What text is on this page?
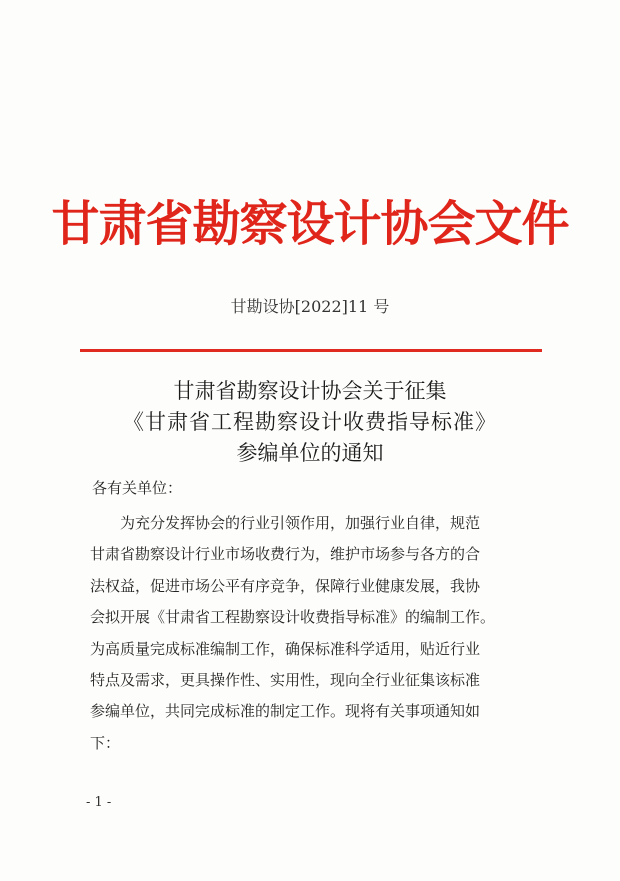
甘肃省勘察设计协会文件
甘勘设协[2022]11 号
甘肃省勘察设计协会关于征集
《甘肃省工程勘察设计收费指导标准》
参编单位的通知
各有关单位：
为充分发挥协会的行业引领作用，加强行业自律，规范
甘肃省勘察设计行业市场收费行为，维护市场参与各方的合
法权益，促进市场公平有序竞争，保障行业健康发展，我协
会拟开展《甘肃省工程勘察设计收费指导标准》的编制工作。
为高质量完成标准编制工作，确保标准科学适用，贴近行业
特点及需求，更具操作性、实用性，现向全行业征集该标准
参编单位，共同完成标准的制定工作。现将有关事项通知如
下：
- 1 -
